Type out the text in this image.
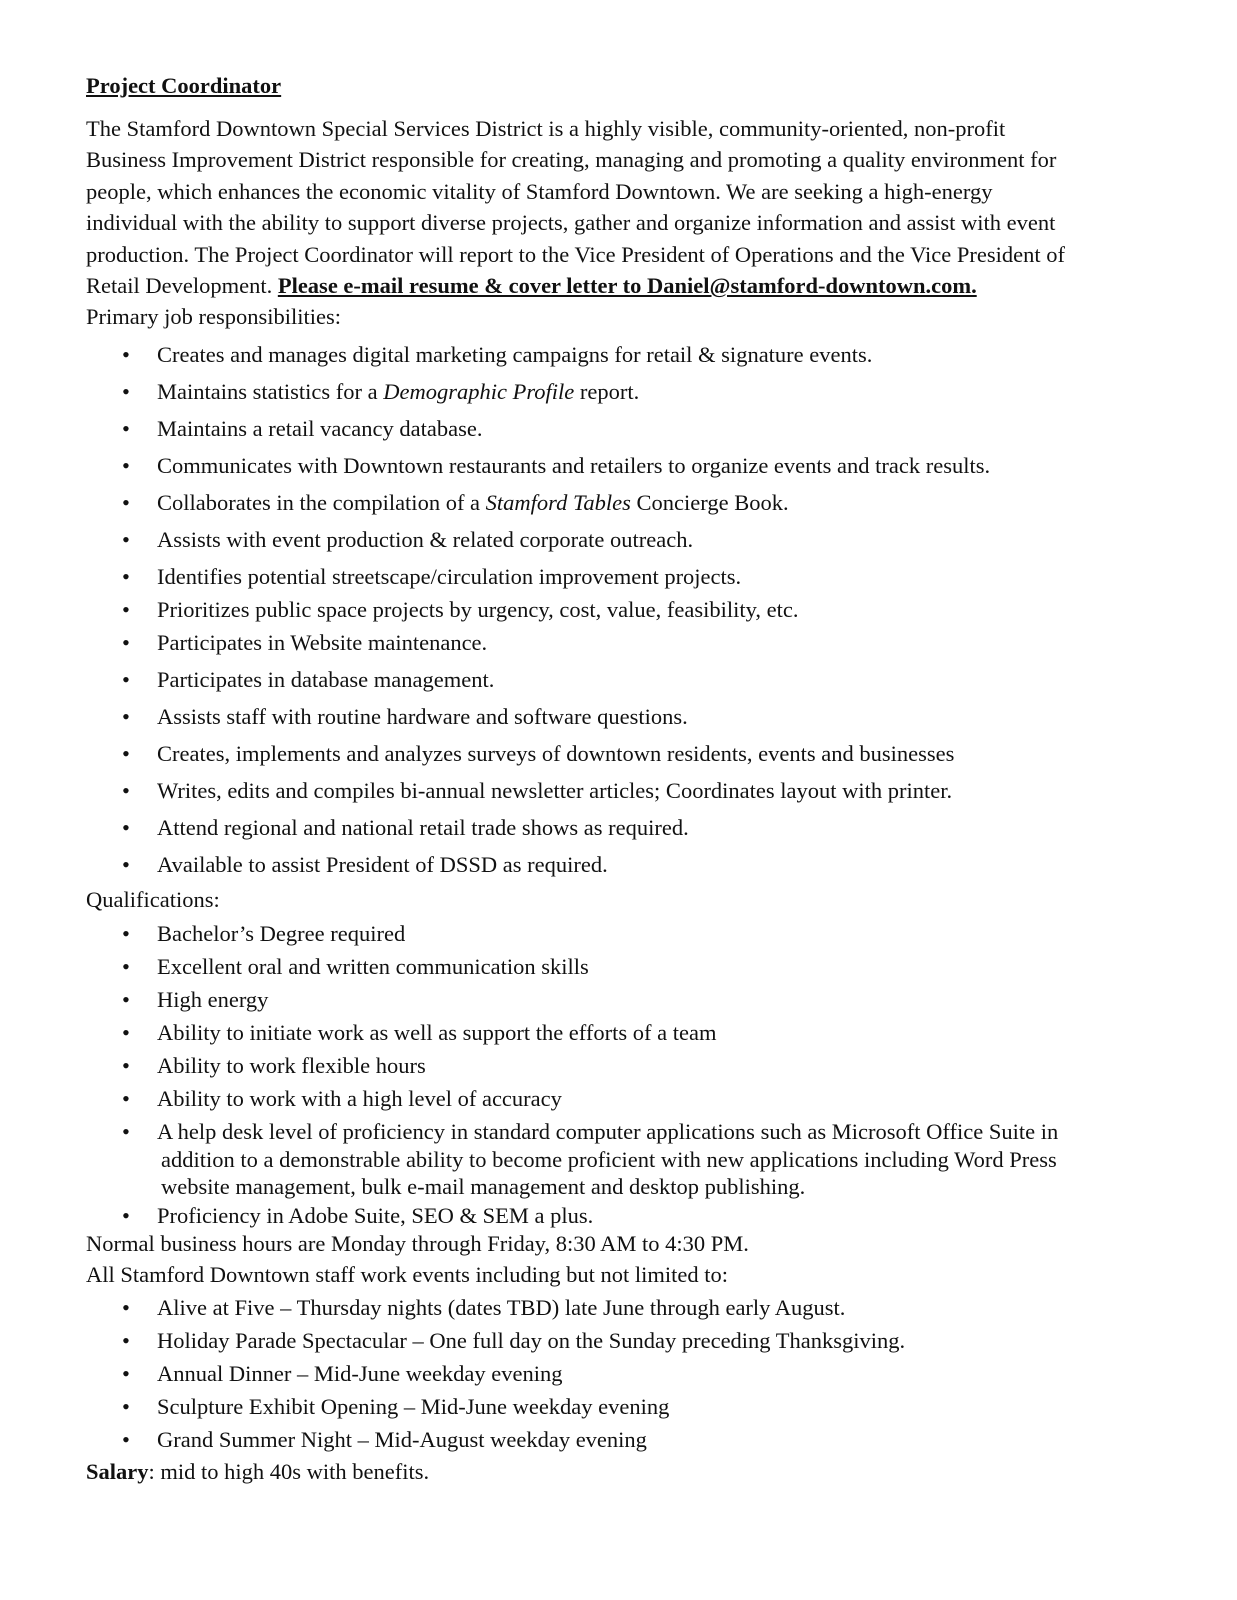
Project Coordinator
The Stamford Downtown Special Services District is a highly visible, community-oriented, non-profit
Business Improvement District responsible for creating, managing and promoting a quality environment for
people, which enhances the economic vitality of Stamford Downtown. We are seeking a high-energy
individual with the ability to support diverse projects, gather and organize information and assist with event
production. The Project Coordinator will report to the Vice President of Operations and the Vice President of
Retail Development. Please e-mail resume & cover letter to Daniel@stamford-downtown.com.
Primary job responsibilities:
• Creates and manages digital marketing campaigns for retail & signature events.
• Maintains statistics for a Demographic Profile report.
• Maintains a retail vacancy database.
• Communicates with Downtown restaurants and retailers to organize events and track results.
• Collaborates in the compilation of a Stamford Tables Concierge Book.
• Assists with event production & related corporate outreach.
• Identifies potential streetscape/circulation improvement projects.
• Prioritizes public space projects by urgency, cost, value, feasibility, etc.
• Participates in Website maintenance.
• Participates in database management.
• Assists staff with routine hardware and software questions.
• Creates, implements and analyzes surveys of downtown residents, events and businesses
• Writes, edits and compiles bi-annual newsletter articles; Coordinates layout with printer.
• Attend regional and national retail trade shows as required.
• Available to assist President of DSSD as required.
Qualifications:
• Bachelor’s Degree required
• Excellent oral and written communication skills
• High energy
• Ability to initiate work as well as support the efforts of a team
• Ability to work flexible hours
• Ability to work with a high level of accuracy
• A help desk level of proficiency in standard computer applications such as Microsoft Office Suite in
addition to a demonstrable ability to become proficient with new applications including Word Press
website management, bulk e-mail management and desktop publishing.
• Proficiency in Adobe Suite, SEO & SEM a plus.
Normal business hours are Monday through Friday, 8:30 AM to 4:30 PM.
All Stamford Downtown staff work events including but not limited to:
• Alive at Five – Thursday nights (dates TBD) late June through early August.
• Holiday Parade Spectacular – One full day on the Sunday preceding Thanksgiving.
• Annual Dinner – Mid-June weekday evening
• Sculpture Exhibit Opening – Mid-June weekday evening
• Grand Summer Night – Mid-August weekday evening
Salary: mid to high 40s with benefits.
